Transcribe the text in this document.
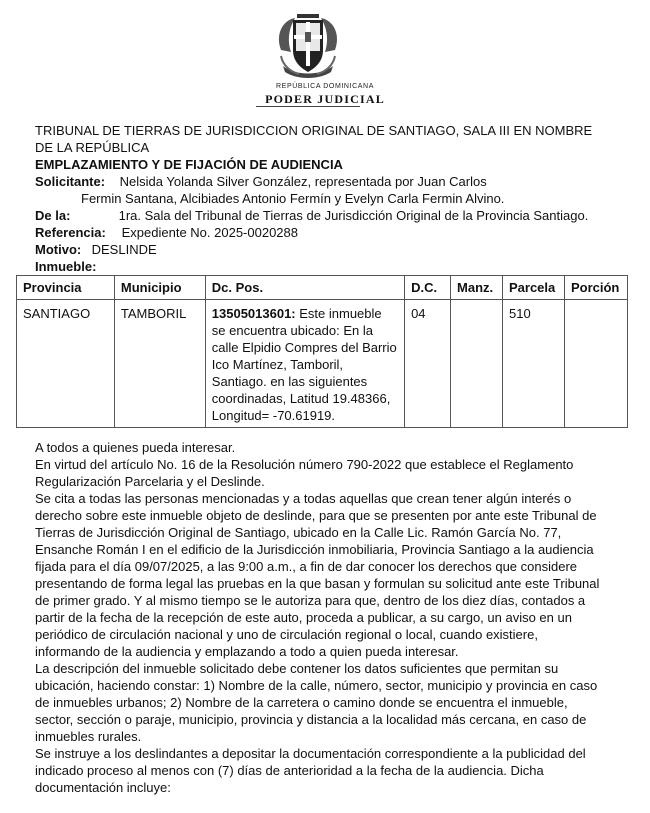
REPÚBLICA DOMINICANA
PODER JUDICIAL

TRIBUNAL DE TIERRAS DE JURISDICCION ORIGINAL DE SANTIAGO, SALA III EN NOMBRE DE LA REPÚBLICA

EMPLAZAMIENTO Y DE FIJACIÓN DE AUDIENCIA

Solicitante: Nelsida Yolanda Silver González, representada por Juan Carlos

Fermin Santana, Alcibiades Antonio Fermín y Evelyn Carla Fermin Alvino.

De la:	1ra. Sala del Tribunal de Tierras de Jurisdicción Original de la Provincia Santiago.

Referencia: Expediente No. 2025-0020288

Motivo: DESLINDE

Inmueble:

Provincia	Municipio	Dc. Pos.	D.C.	Manz.	Parcela	Porción
SANTIAGO	TAMBORIL	13505013601: Este inmueble se encuentra ubicado: En la calle Elpidio Compres del Barrio Ico Martínez, Tamboril, Santiago. en las siguientes coordinadas, Latitud 19.48366, Longitud= -70.61919.	04		510	

A todos a quienes pueda interesar.

En virtud del artículo No. 16 de la Resolución número 790-2022 que establece el Reglamento Regularización Parcelaria y el Deslinde.

Se cita a todas las personas mencionadas y a todas aquellas que crean tener algún interés o derecho sobre este inmueble objeto de deslinde, para que se presenten por ante este Tribunal de Tierras de Jurisdicción Original de Santiago, ubicado en la Calle Lic. Ramón García No. 77, Ensanche Román I en el edificio de la Jurisdicción inmobiliaria, Provincia Santiago a la audiencia fijada para el día 09/07/2025, a las 9:00 a.m., a fin de dar conocer los derechos que considere presentando de forma legal las pruebas en la que basan y formulan su solicitud ante este Tribunal de primer grado. Y al mismo tiempo se le autoriza para que, dentro de los diez días, contados a partir de la fecha de la recepción de este auto, proceda a publicar, a su cargo, un aviso en un periódico de circulación nacional y uno de circulación regional o local, cuando existiere, informando de la audiencia y emplazando a todo a quien pueda interesar.

La descripción del inmueble solicitado debe contener los datos suficientes que permitan su ubicación, haciendo constar: 1) Nombre de la calle, número, sector, municipio y provincia en caso de inmuebles urbanos; 2) Nombre de la carretera o camino donde se encuentra el inmueble, sector, sección o paraje, municipio, provincia y distancia a la localidad más cercana, en caso de inmuebles rurales.

Se instruye a los deslindantes a depositar la documentación correspondiente a la publicidad del indicado proceso al menos con (7) días de anterioridad a la fecha de la audiencia. Dicha documentación incluye:
